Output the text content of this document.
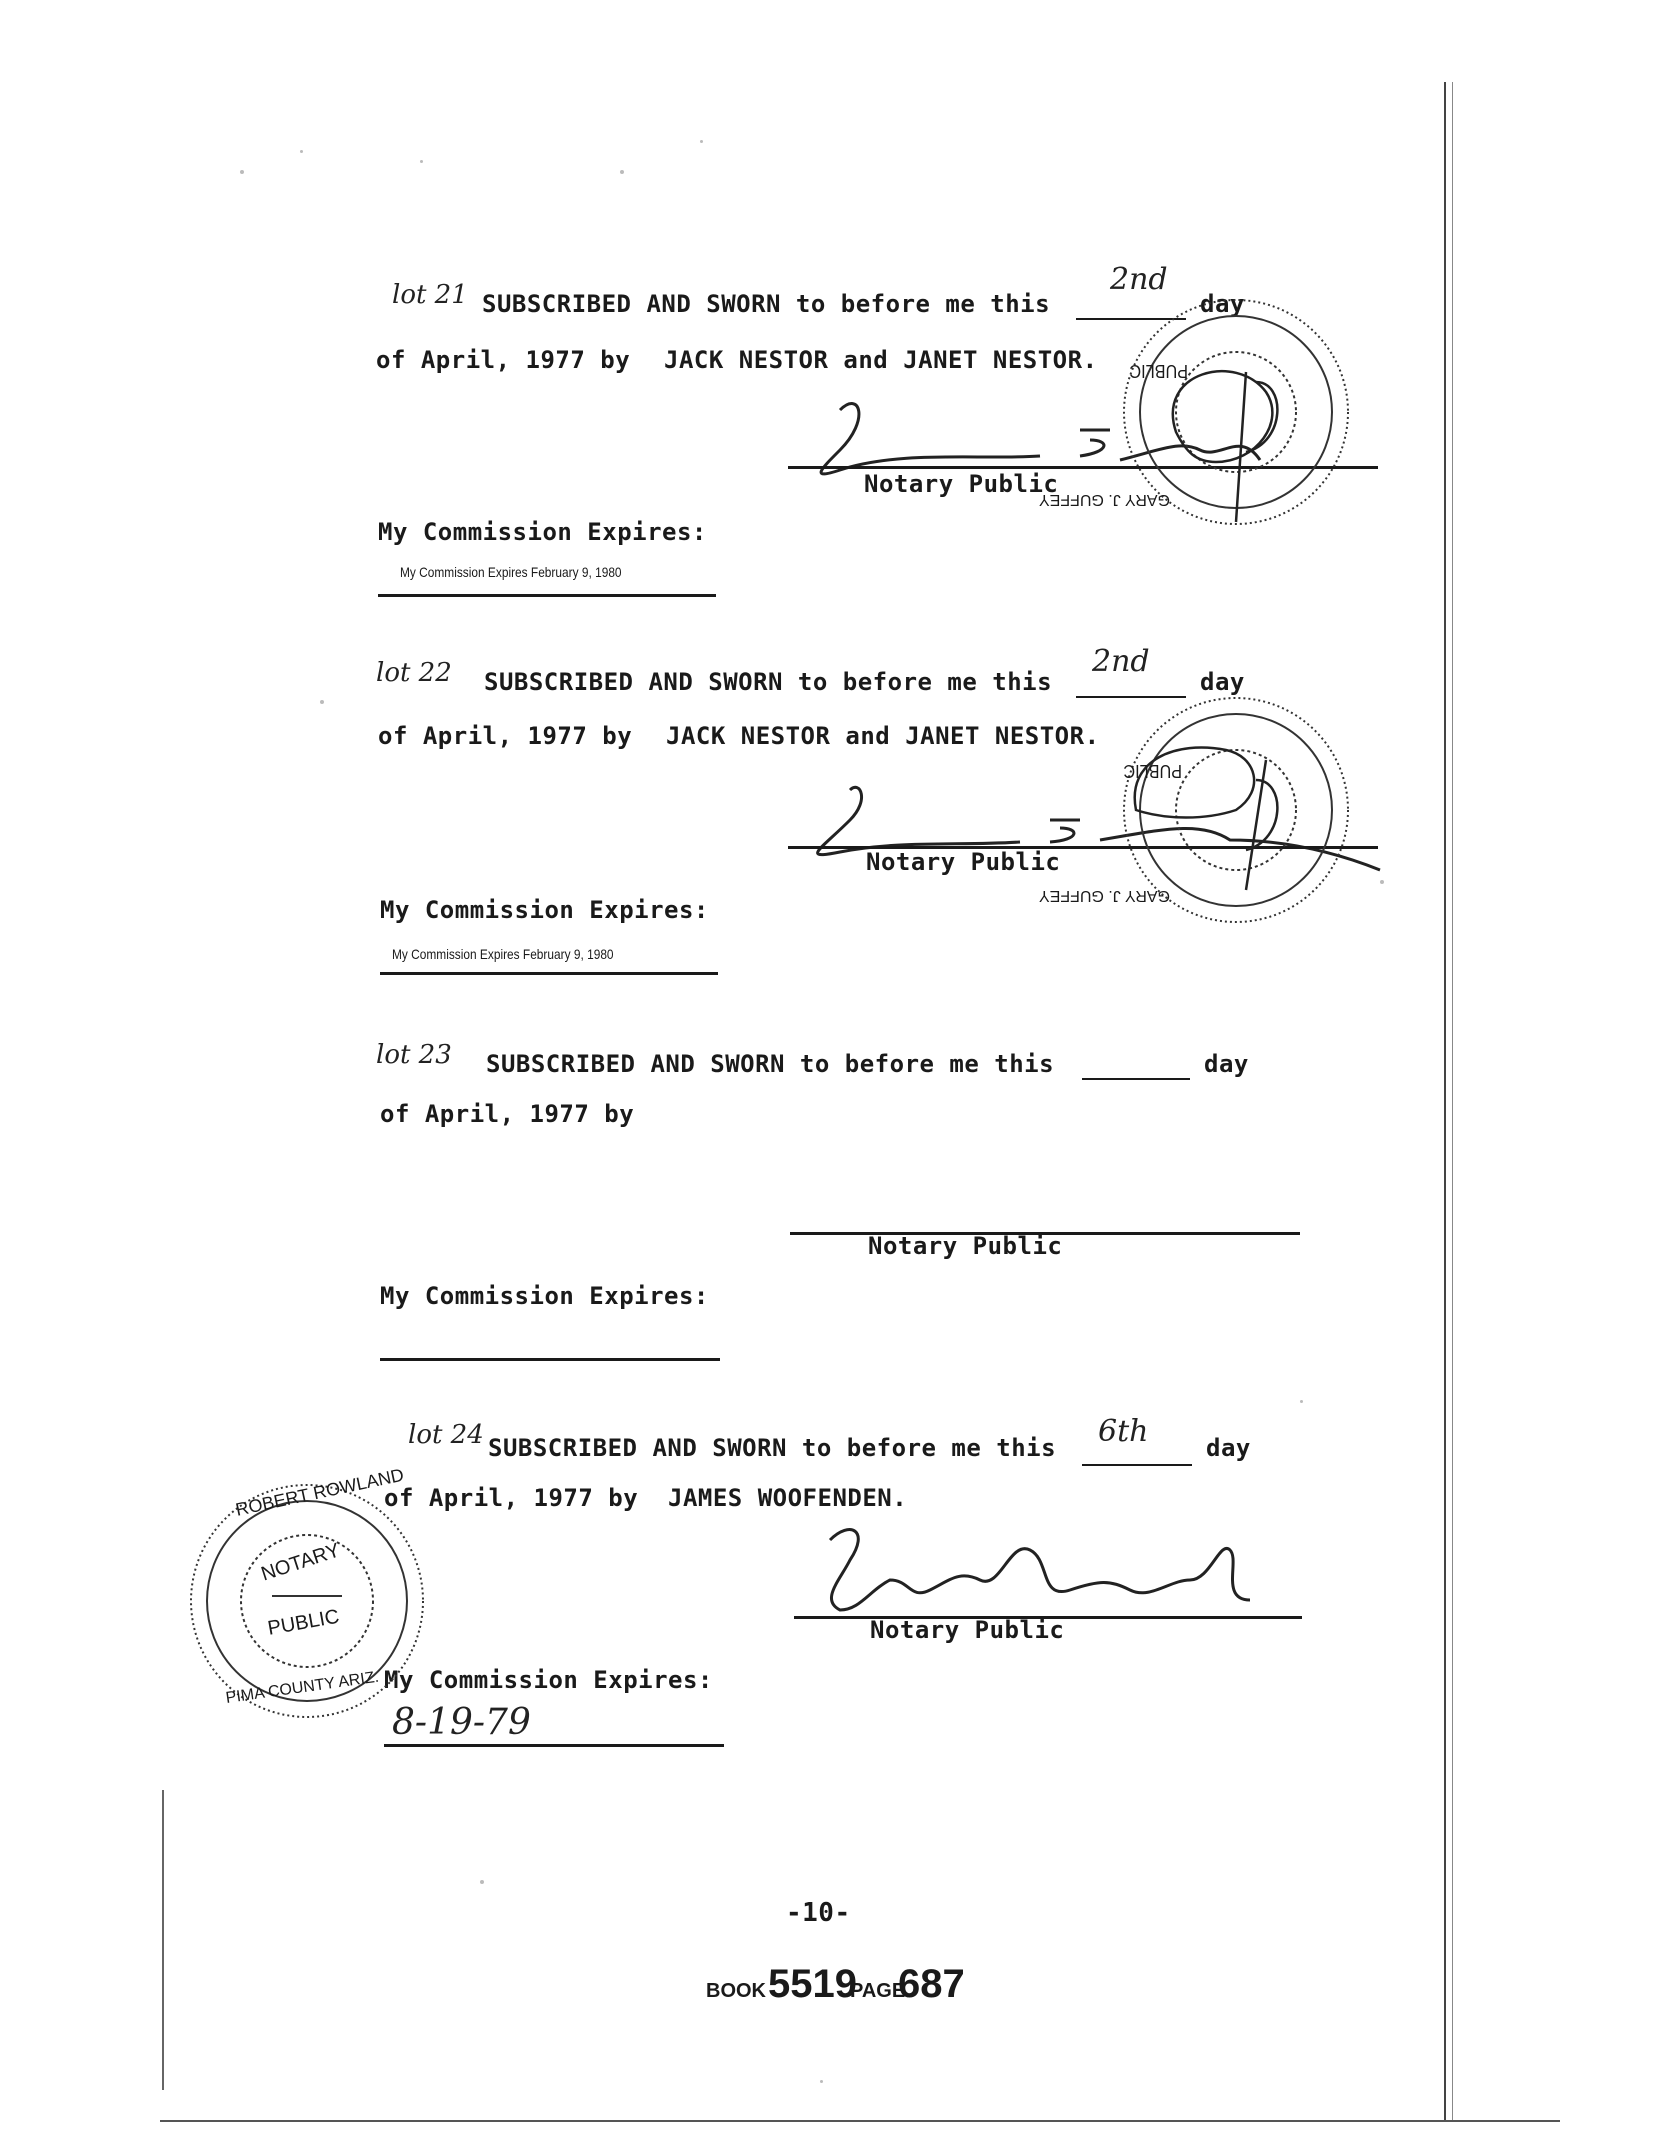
lot 21 SUBSCRIBED AND SWORN to before me this
2nd
day
of April, 1977 by JACK NESTOR and JANET NESTOR.
Notary Public
My Commission Expires:
My Commission Expires February 9, 1980
PUBLIC
GARY J. GUFFEY
lot 22 SUBSCRIBED AND SWORN to before me this
2nd
day
of April, 1977 by JACK NESTOR and JANET NESTOR.
Notary Public
My Commission Expires:
My Commission Expires February 9, 1980
PUBLIC
GARY J. GUFFEY
lot 23 SUBSCRIBED AND SWORN to before me this	day
of April, 1977 by
Notary Public
My Commission Expires:
lot 24 SUBSCRIBED AND SWORN to before me this 6th day
of April, 1977 by JAMES WOOFENDEN.
Notary Public
My Commission Expires:
8-19-79
ROBERT ROWLAND
NOTARY
PUBLIC
PIMA COUNTY ARIZ.
-10-
BOOK 5519
PAGE
687
